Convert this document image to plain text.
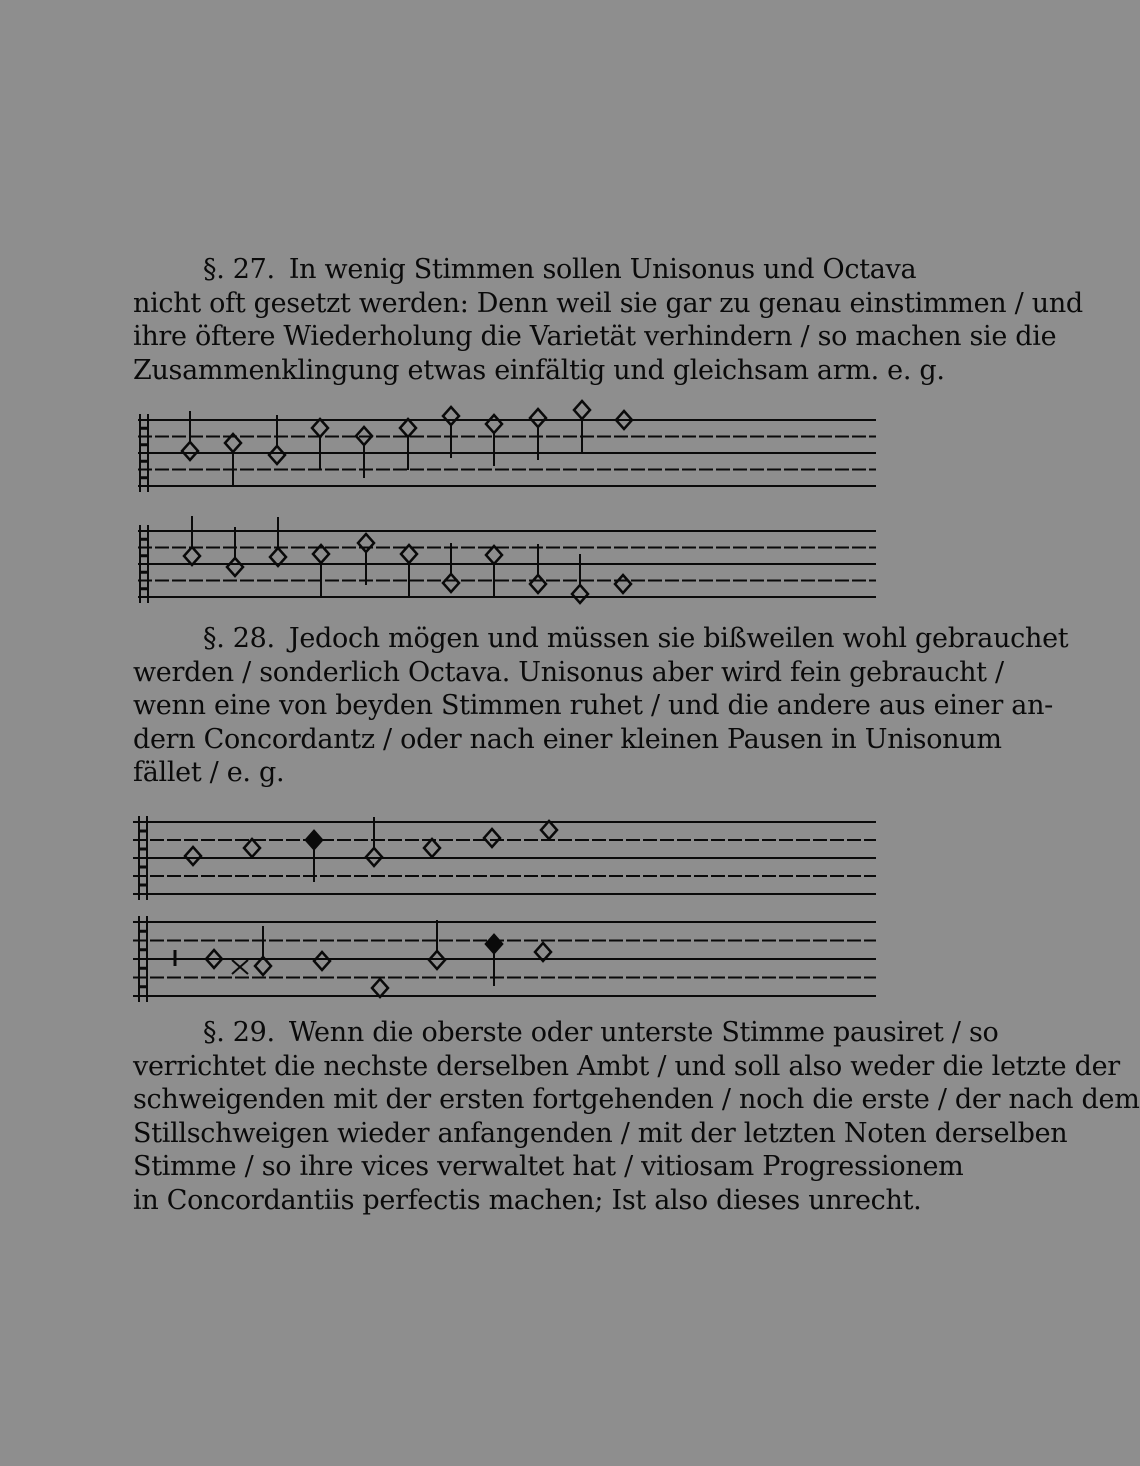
§. 27. In wenig Stimmen sollen Unisonus und Octava
nicht oft gesetzt werden: Denn weil sie gar zu genau einstimmen / und
ihre öftere Wiederholung die Varietät verhindern / so machen sie die
Zusammenklingung etwas einfältig und gleichsam arm. e. g.
§. 28. Jedoch mögen und müssen sie bißweilen wohl gebrauchet
werden / sonderlich Octava. Unisonus aber wird fein gebraucht /
wenn eine von beyden Stimmen ruhet / und die andere aus einer an-
dern Concordantz / oder nach einer kleinen Pausen in Unisonum
fället / e. g.
§. 29. Wenn die oberste oder unterste Stimme pausiret / so
verrichtet die nechste derselben Ambt / und soll also weder die letzte der
schweigenden mit der ersten fortgehenden / noch die erste / der nach dem
Stillschweigen wieder anfangenden / mit der letzten Noten derselben
Stimme / so ihre vices verwaltet hat / vitiosam Progressionem
in Concordantiis perfectis machen; Ist also dieses unrecht.
